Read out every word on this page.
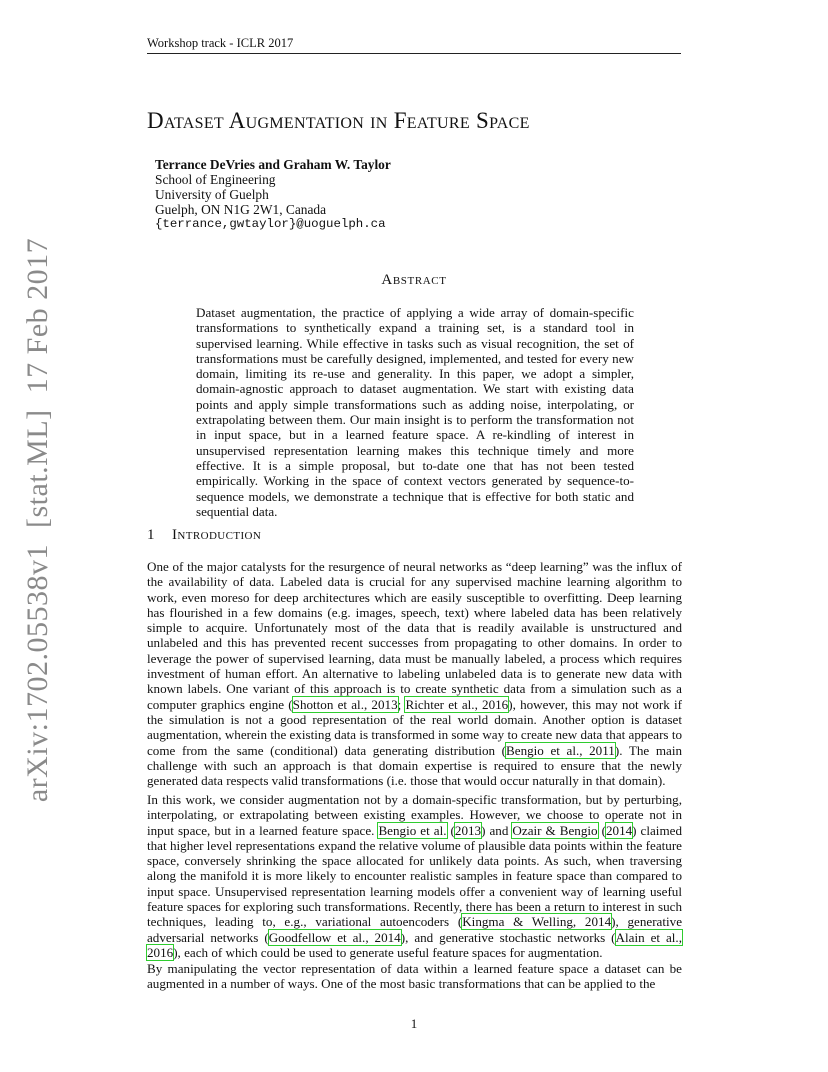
Workshop track - ICLR 2017
Dataset Augmentation in Feature Space
Terrance DeVries and Graham W. Taylor
School of Engineering
University of Guelph
Guelph, ON N1G 2W1, Canada
{terrance,gwtaylor}@uoguelph.ca
Abstract
Dataset augmentation, the practice of applying a wide array of domain-specific transformations to synthetically expand a training set, is a standard tool in supervised learning. While effective in tasks such as visual recognition, the set of transformations must be carefully designed, implemented, and tested for every new domain, limiting its re-use and generality. In this paper, we adopt a simpler, domain-agnostic approach to dataset augmentation. We start with existing data points and apply simple transformations such as adding noise, interpolating, or extrapolating between them. Our main insight is to perform the transformation not in input space, but in a learned feature space. A re-kindling of interest in unsupervised representation learning makes this technique timely and more effective. It is a simple proposal, but to-date one that has not been tested empirically. Working in the space of context vectors generated by sequence-to-sequence models, we demonstrate a technique that is effective for both static and sequential data.
1 Introduction
One of the major catalysts for the resurgence of neural networks as “deep learning” was the influx of the availability of data. Labeled data is crucial for any supervised machine learning algorithm to work, even moreso for deep architectures which are easily susceptible to overfitting. Deep learning has flourished in a few domains (e.g. images, speech, text) where labeled data has been relatively simple to acquire. Unfortunately most of the data that is readily available is unstructured and unlabeled and this has prevented recent successes from propagating to other domains. In order to leverage the power of supervised learning, data must be manually labeled, a process which requires investment of human effort. An alternative to labeling unlabeled data is to generate new data with known labels. One variant of this approach is to create synthetic data from a simulation such as a computer graphics engine (Shotton et al., 2013; Richter et al., 2016), however, this may not work if the simulation is not a good representation of the real world domain. Another option is dataset augmentation, wherein the existing data is transformed in some way to create new data that appears to come from the same (conditional) data generating distribution (Bengio et al., 2011). The main challenge with such an approach is that domain expertise is required to ensure that the newly generated data respects valid transformations (i.e. those that would occur naturally in that domain).
In this work, we consider augmentation not by a domain-specific transformation, but by perturbing, interpolating, or extrapolating between existing examples. However, we choose to operate not in input space, but in a learned feature space. Bengio et al. (2013) and Ozair & Bengio (2014) claimed that higher level representations expand the relative volume of plausible data points within the feature space, conversely shrinking the space allocated for unlikely data points. As such, when traversing along the manifold it is more likely to encounter realistic samples in feature space than compared to input space. Unsupervised representation learning models offer a convenient way of learning useful feature spaces for exploring such transformations. Recently, there has been a return to interest in such techniques, leading to, e.g., variational autoencoders (Kingma & Welling, 2014), generative adversarial networks (Goodfellow et al., 2014), and generative stochastic networks (Alain et al., 2016), each of which could be used to generate useful feature spaces for augmentation.
By manipulating the vector representation of data within a learned feature space a dataset can be augmented in a number of ways. One of the most basic transformations that can be applied to the
1
arXiv:1702.05538v1  [stat.ML]  17 Feb 2017
